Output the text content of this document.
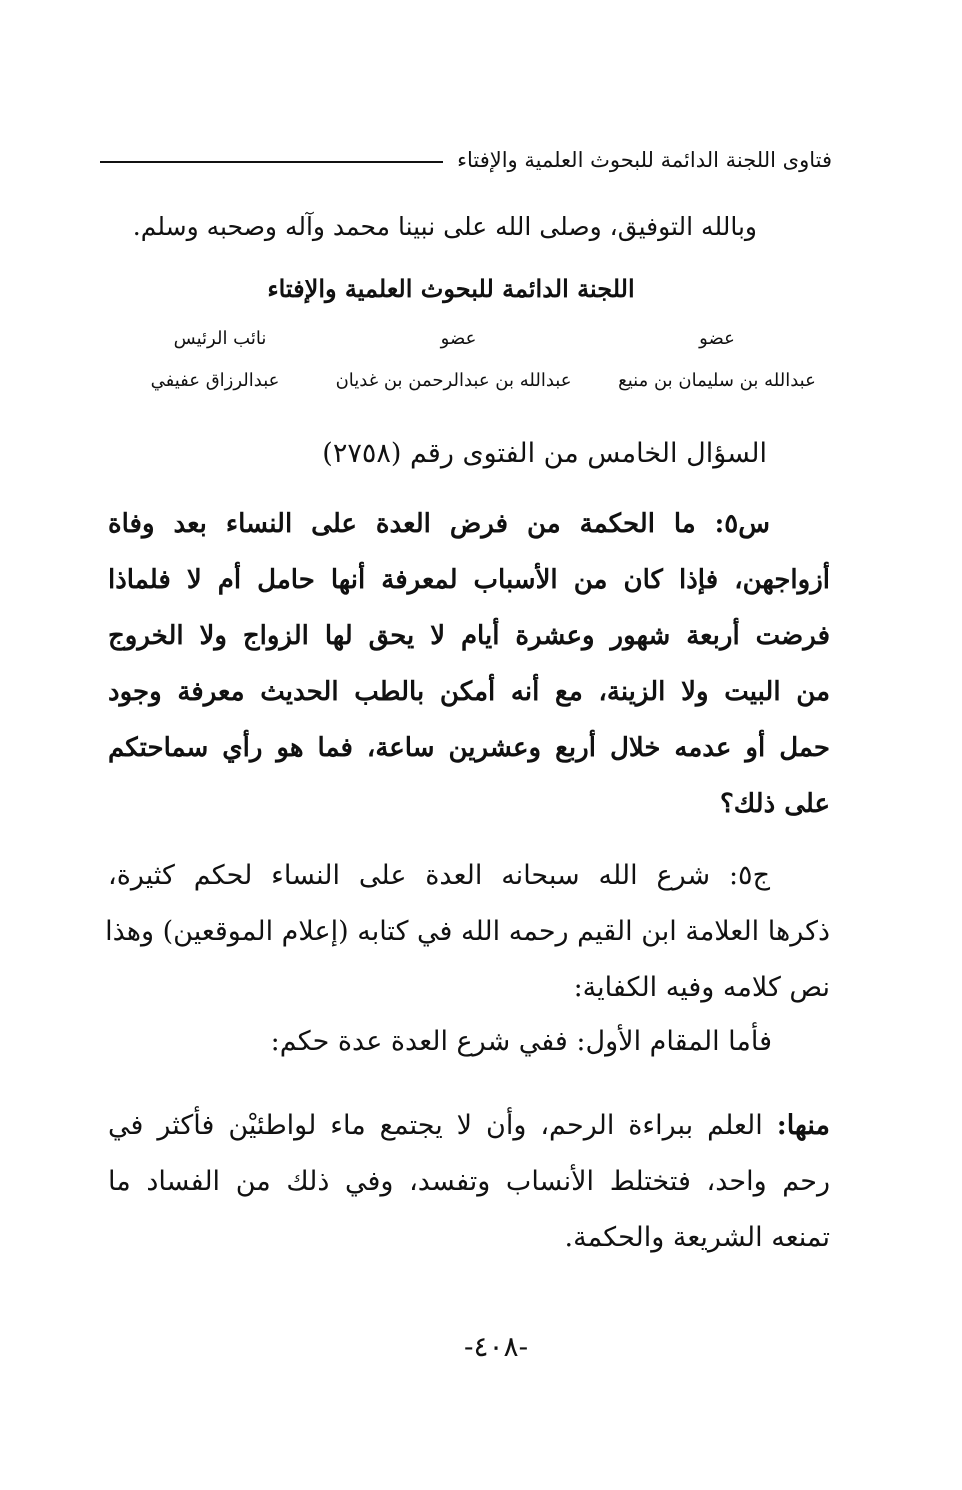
فتاوى اللجنة الدائمة للبحوث العلمية والإفتاء
وبالله التوفيق، وصلى الله على نبينا محمد وآله وصحبه وسلم.
اللجنة الدائمة للبحوث العلمية والإفتاء
عضو
عضو
نائب الرئيس
عبدالله بن سليمان بن منيع
عبدالله بن عبدالرحمن بن غديان
عبدالرزاق عفيفي
السؤال الخامس من الفتوى رقم (٢٧٥٨)
س٥: ما الحكمة من فرض العدة على النساء بعد وفاة
أزواجهن، فإذا كان من الأسباب لمعرفة أنها حامل أم لا فلماذا
فرضت أربعة شهور وعشرة أيام لا يحق لها الزواج ولا الخروج
من البيت ولا الزينة، مع أنه أمكن بالطب الحديث معرفة وجود
حمل أو عدمه خلال أربع وعشرين ساعة، فما هو رأي سماحتكم
على ذلك؟
ج٥: شرع الله سبحانه العدة على النساء لحكم كثيرة،
ذكرها العلامة ابن القيم رحمه الله في كتابه (إعلام الموقعين) وهذا
نص كلامه وفيه الكفاية:
فأما المقام الأول: ففي شرع العدة عدة حكم:
منها: العلم ببراءة الرحم، وأن لا يجتمع ماء لواطئيْن فأكثر في
رحم واحد، فتختلط الأنساب وتفسد، وفي ذلك من الفساد ما
تمنعه الشريعة والحكمة.
-٤٠٨-
